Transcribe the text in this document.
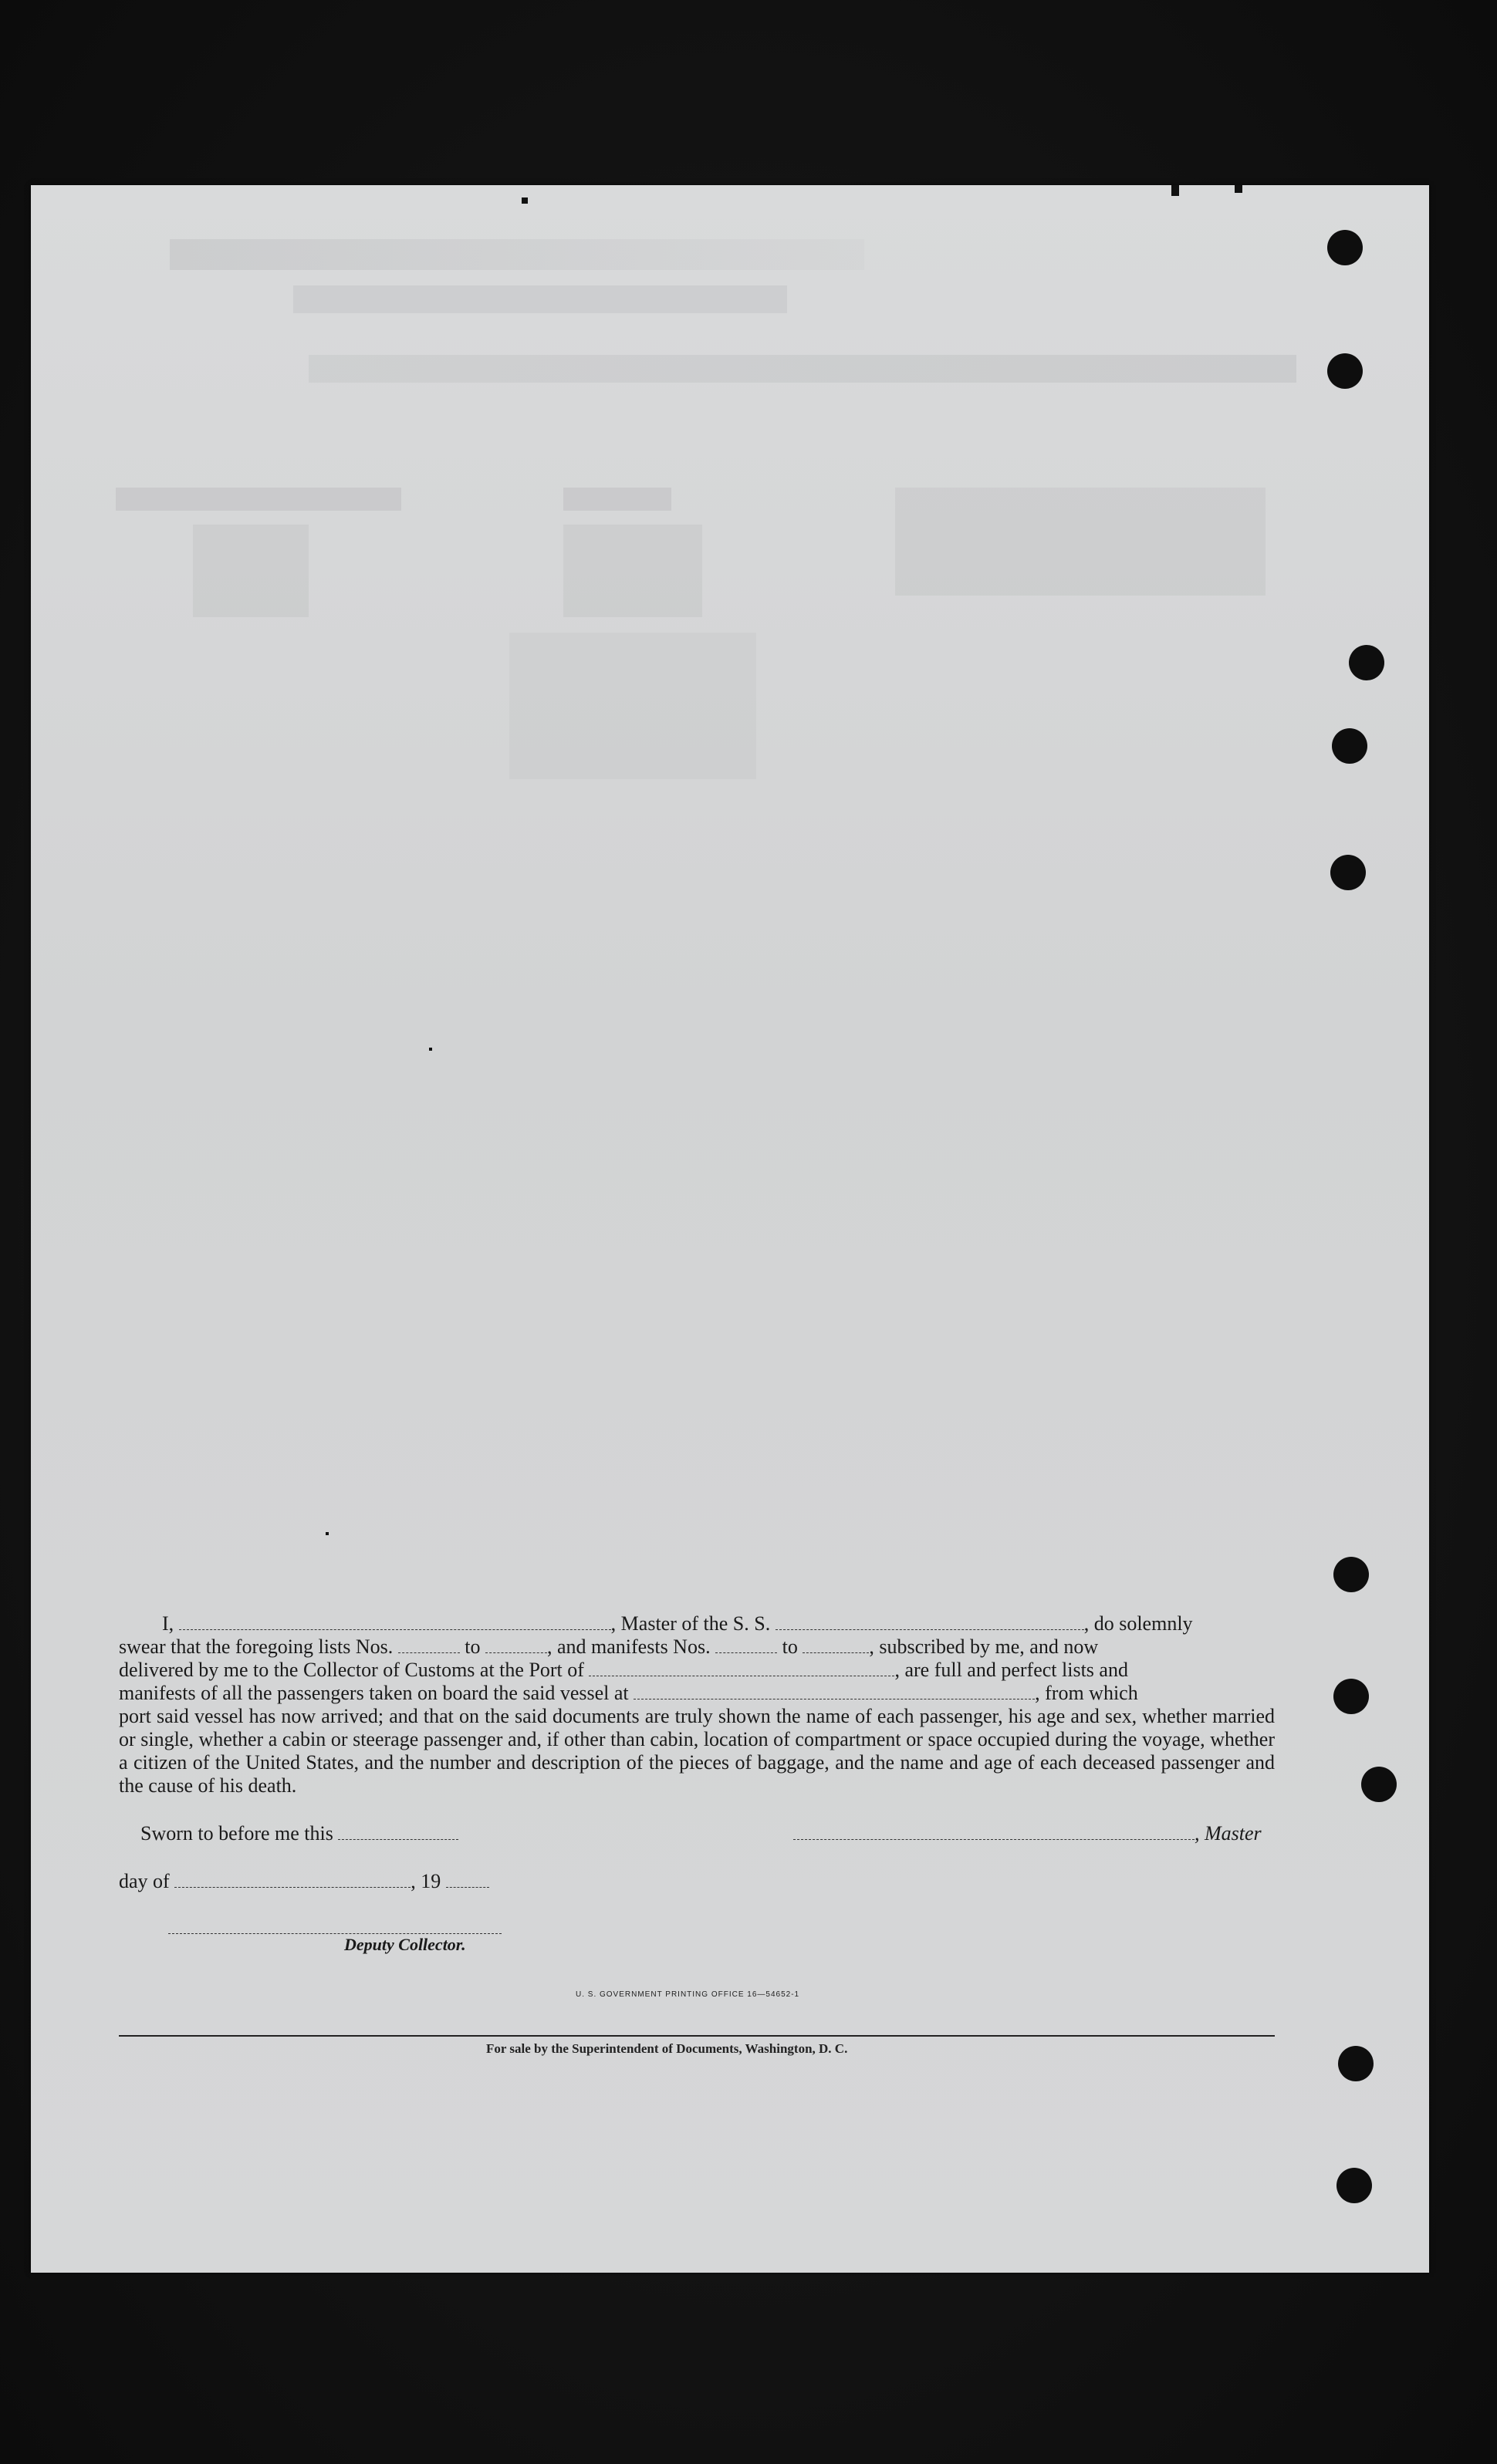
I,	, Master of the S. S.	, do solemnly

swear that the foregoing lists Nos.	to	, and manifests Nos.	to	, subscribed by me, and now

delivered by me to the Collector of Customs at the Port of	, are full and perfect lists and

manifests of all the passengers taken on board the said vessel at	, from which

port said vessel has now arrived; and that on the said documents are truly shown the name of each passenger, his age and sex, whether married or single, whether a cabin or steerage passenger and, if other than cabin, location of compartment or space occupied during the voyage, whether a citizen of the United States, and the number and description of the pieces of baggage, and the name and age of each deceased passenger and the cause of his death.

Sworn to before me this	, Master
day of	, 19
Deputy Collector.
U. S. GOVERNMENT PRINTING OFFICE 16—54652-1
For sale by the Superintendent of Documents, Washington, D. C.
